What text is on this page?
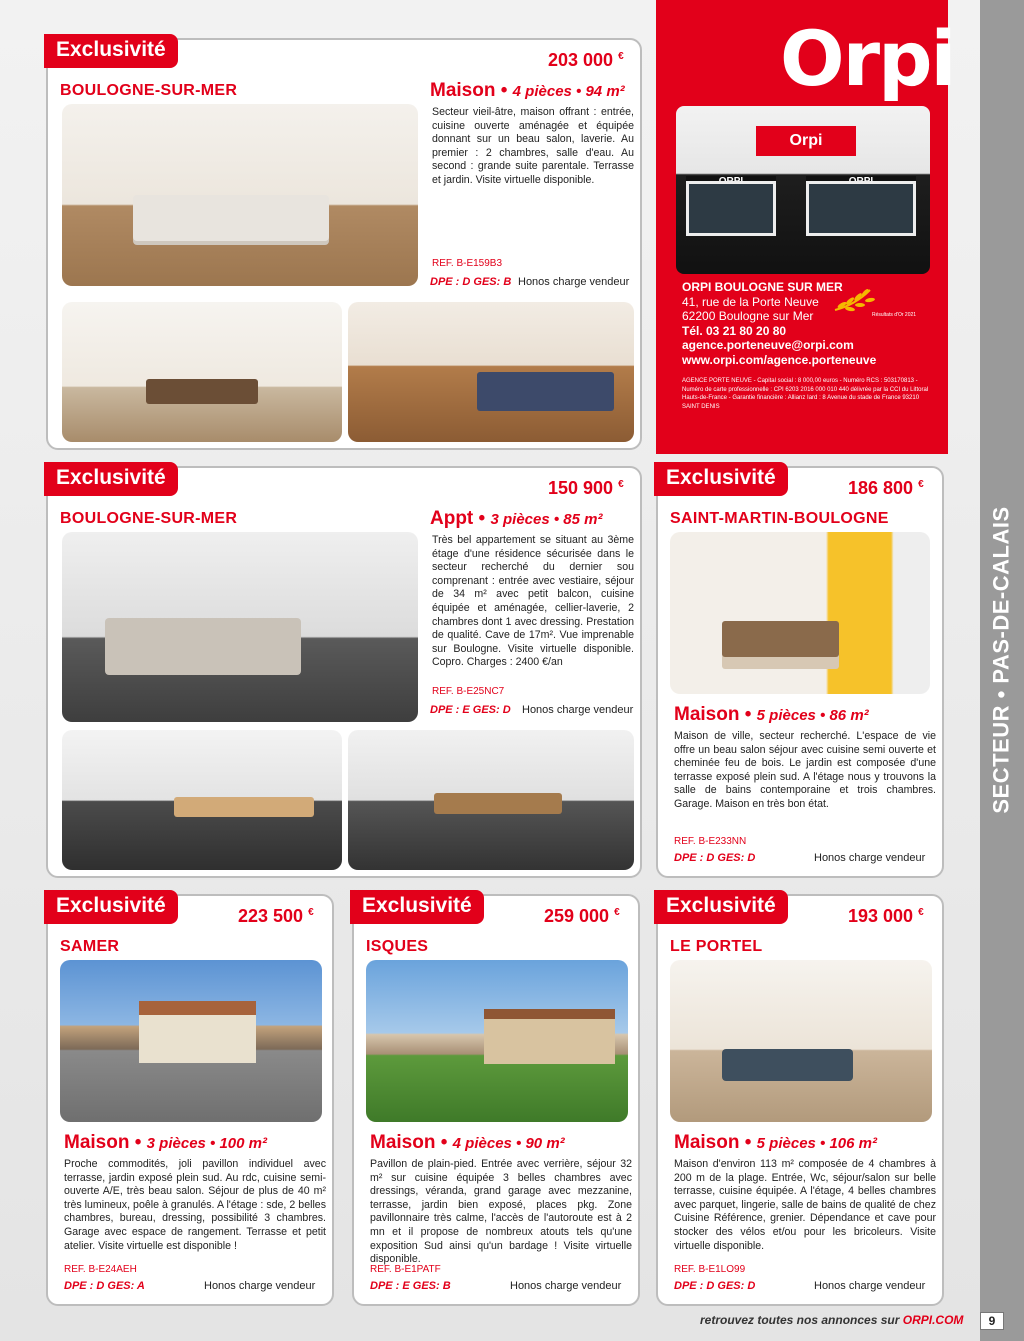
SECTEUR • PAS-DE-CALAIS
Orpi
Orpi
ORPI BOULOGNE SUR MER
41, rue de la Porte Neuve
62200 Boulogne sur Mer
Tél. 03 21 80 20 80
agence.porteneuve@orpi.com
www.orpi.com/agence.porteneuve
Résultats d'Or 2021
AGENCE PORTE NEUVE - Capital social : 8 000,00 euros - Numéro RCS : 503170813 - Numéro de carte professionnelle : CPI 6203 2016 000 010 440 délivrée par la CCI du Littoral Hauts-de-France - Garantie financière : Allianz Iard : 8 Avenue du stade de France 93210 SAINT DENIS
Exclusivité	203 000 €
BOULOGNE-SUR-MER	Maison • 4 pièces • 94 m²
Secteur vieil-âtre, maison offrant : entrée, cuisine ouverte aménagée et équipée donnant sur un beau salon, laverie. Au premier : 2 chambres, salle d'eau. Au second : grande suite parentale. Terrasse et jardin. Visite virtuelle disponible.
REF. B-E159B3
DPE : D GES: B Honos charge vendeur
Exclusivité	150 900 €
BOULOGNE-SUR-MER	Appt • 3 pièces • 85 m²
Très bel appartement se situant au 3ème étage d'une résidence sécurisée dans le secteur recherché du dernier sou comprenant : entrée avec vestiaire, séjour de 34 m² avec petit balcon, cuisine équipée et aménagée, cellier-laverie, 2 chambres dont 1 avec dressing. Prestation de qualité. Cave de 17m². Vue imprenable sur Boulogne. Visite virtuelle disponible. Copro. Charges : 2400 €/an
REF. B-E25NC7
DPE : E GES: D Honos charge vendeur
Exclusivité	186 800 €
SAINT-MARTIN-BOULOGNE
Maison • 5 pièces • 86 m²
Maison de ville, secteur recherché. L'espace de vie offre un beau salon séjour avec cuisine semi ouverte et cheminée feu de bois. Le jardin est composée d'une terrasse exposé plein sud. A l'étage nous y trouvons la salle de bains contemporaine et trois chambres. Garage. Maison en très bon état.
REF. B-E233NN
DPE : D GES: D	Honos charge vendeur
Exclusivité	223 500 €
SAMER
Maison • 3 pièces • 100 m²
Proche commodités, joli pavillon individuel avec terrasse, jardin exposé plein sud. Au rdc, cuisine semi-ouverte A/E, très beau salon. Séjour de plus de 40 m² très lumineux, poêle à granulés. A l'étage : sde, 2 belles chambres, bureau, dressing, possibilité 3 chambres. Garage avec espace de rangement. Terrasse et petit atelier. Visite virtuelle est disponible !
REF. B-E24AEH
DPE : D GES: A	Honos charge vendeur
Exclusivité	259 000 €
ISQUES
Maison • 4 pièces • 90 m²
Pavillon de plain-pied. Entrée avec verrière, séjour 32 m² sur cuisine équipée 3 belles chambres avec dressings, véranda, grand garage avec mezzanine, terrasse, jardin bien exposé, places pkg. Zone pavillonnaire très calme, l'accès de l'autoroute est à 2 mn et il propose de nombreux atouts tels qu'une exposition Sud ainsi qu'un bardage ! Visite virtuelle disponible.
REF. B-E1PATF
DPE : E GES: B	Honos charge vendeur
Exclusivité	193 000 €
LE PORTEL
Maison • 5 pièces • 106 m²
Maison d'environ 113 m² composée de 4 chambres à 200 m de la plage. Entrée, Wc, séjour/salon sur belle terrasse, cuisine équipée. A l'étage, 4 belles chambres avec parquet, lingerie, salle de bains de qualité de chez Cuisine Référence, grenier. Dépendance et cave pour stocker des vélos et/ou pour les bricoleurs. Visite virtuelle disponible.
REF. B-E1LO99
DPE : D GES: D	Honos charge vendeur
retrouvez toutes nos annonces sur ORPI.COM	9
